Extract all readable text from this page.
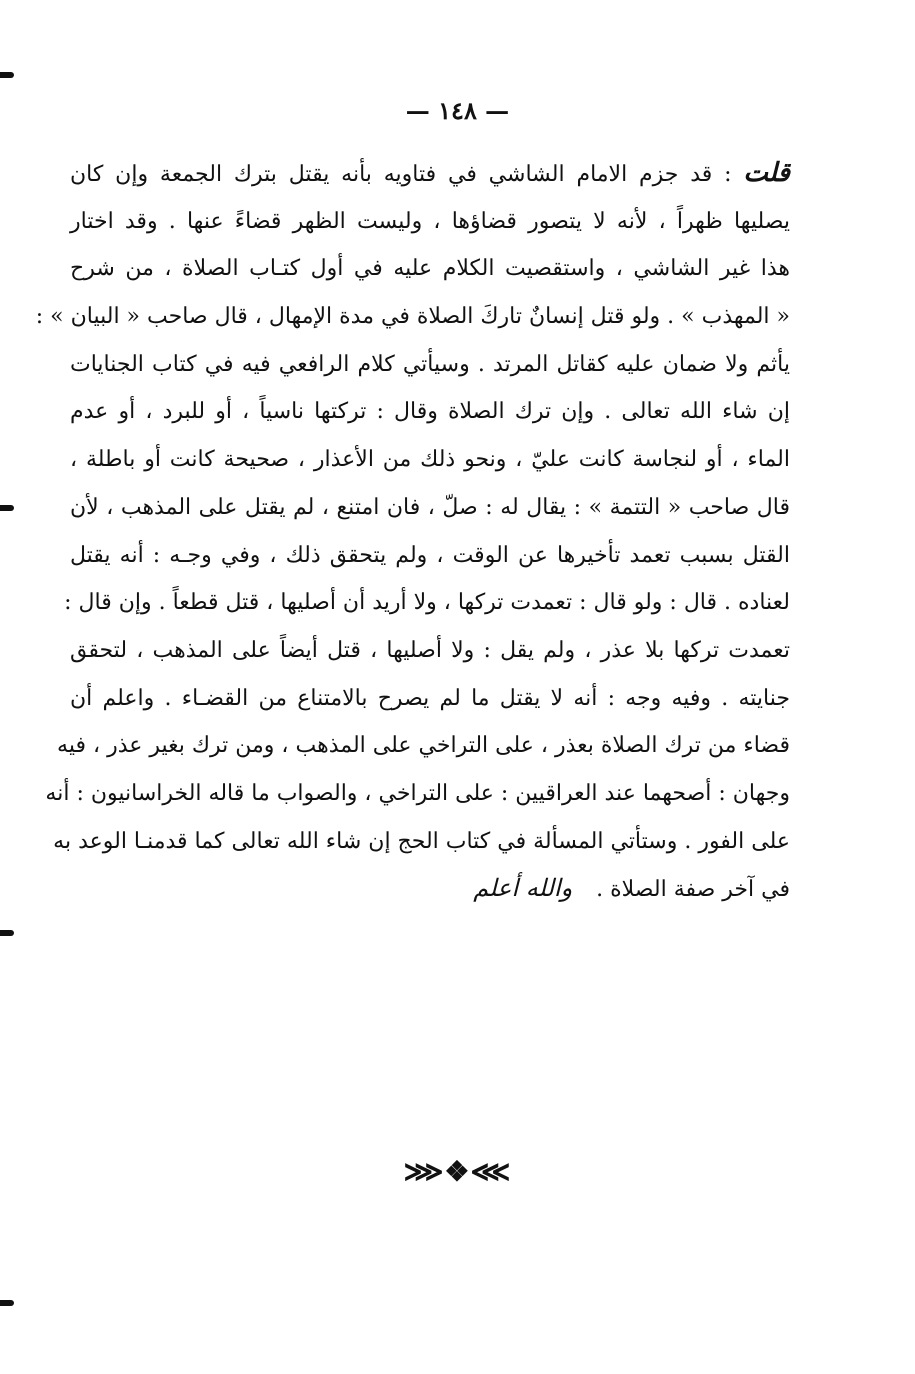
— ١٤٨ —
قلت : قد جزم الامام الشاشي في فتاويه بأنه يقتل بترك الجمعة وإن كان
يصليها ظهراً ، لأنه لا يتصور قضاؤها ، وليست الظهر قضاءً عنها . وقد اختار
هذا غير الشاشي ، واستقصيت الكلام عليه في أول كتـاب الصلاة ، من شرح
« المهذب » . ولو قتل إنسانٌ تاركَ الصلاة في مدة الإمهال ، قال صاحب « البيان » :
يأثم ولا ضمان عليه كقاتل المرتد . وسيأتي كلام الرافعي فيه في كتاب الجنايات
إن شاء الله تعالى . وإن ترك الصلاة وقال : تركتها ناسياً ، أو للبرد ، أو عدم
الماء ، أو لنجاسة كانت عليّ ، ونحو ذلك من الأعذار ، صحيحة كانت أو باطلة ،
قال صاحب « التتمة » : يقال له : صلّ ، فان امتنع ، لم يقتل على المذهب ، لأن
القتل بسبب تعمد تأخيرها عن الوقت ، ولم يتحقق ذلك ، وفي وجـه : أنه يقتل
لعناده . قال : ولو قال : تعمدت تركها ، ولا أريد أن أصليها ، قتل قطعاً . وإن قال :
تعمدت تركها بلا عذر ، ولم يقل : ولا أصليها ، قتل أيضاً على المذهب ، لتحقق
جنايته . وفيه وجه : أنه لا يقتل ما لم يصرح بالامتناع من القضـاء . واعلم أن
قضاء من ترك الصلاة بعذر ، على التراخي على المذهب ، ومن ترك بغير عذر ، فيه
وجهان : أصحهما عند العراقيين : على التراخي ، والصواب ما قاله الخراسانيون : أنه
على الفور . وستأتي المسألة في كتاب الحج إن شاء الله تعالى كما قدمنـا الوعد به
في آخر صفة الصلاة .والله أعلم
⋙❖⋘
